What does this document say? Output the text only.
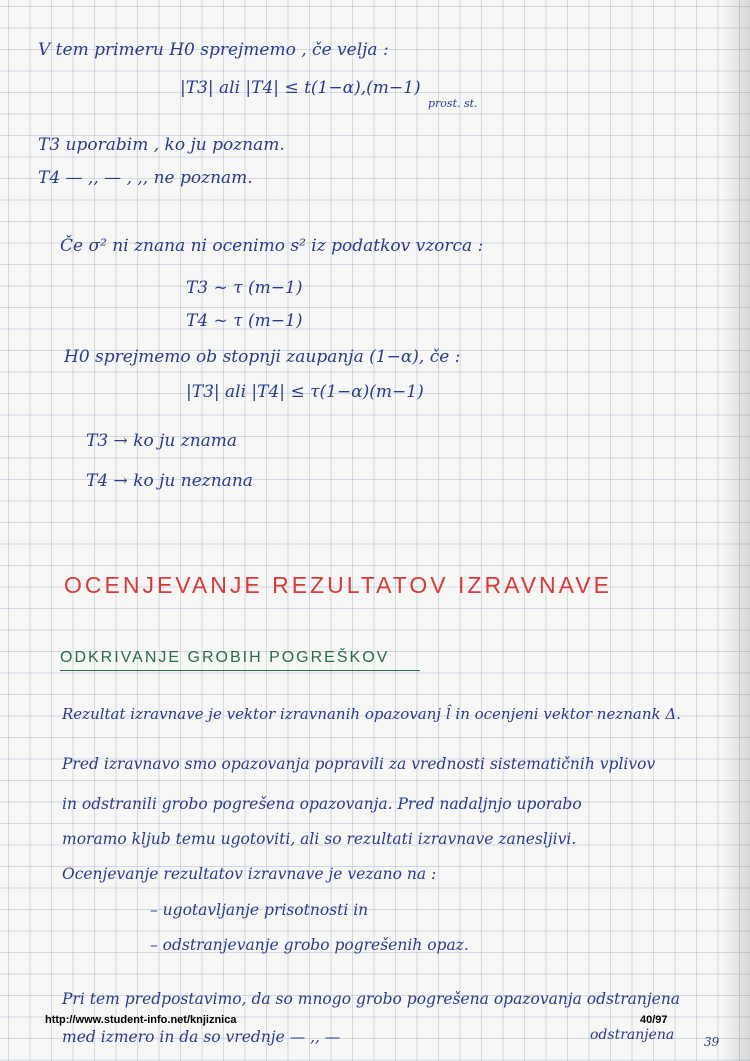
V tem primeru H0 sprejmemo , če velja :
|T3| ali |T4| ≤ t(1−α),(m−1)
prost. st.
T3 uporabim , ko ju poznam.
T4 — ,, — , ,, ne poznam.
Če σ² ni znana ni ocenimo s² iz podatkov vzorca :
T3 ~ τ (m−1)
T4 ~ τ (m−1)
H0 sprejmemo ob stopnji zaupanja (1−α), če :
|T3| ali |T4| ≤ τ(1−α)(m−1)
T3 → ko ju znama
T4 → ko ju neznana
OCENJEVANJE REZULTATOV IZRAVNAVE
ODKRIVANJE GROBIH POGREŠKOV
Rezultat izravnave je vektor izravnanih opazovanj l̂ in ocenjeni vektor neznank Δ.
Pred izravnavo smo opazovanja popravili za vrednosti sistematičnih vplivov
in odstranili grobo pogrešena opazovanja. Pred nadaljnjo uporabo
moramo kljub temu ugotoviti, ali so rezultati izravnave zanesljivi.
Ocenjevanje rezultatov izravnave je vezano na :
– ugotavljanje prisotnosti in
– odstranjevanje grobo pogrešenih opaz.
Pri tem predpostavimo, da so mnogo grobo pogrešena opazovanja odstranjena
med izmero in da so vrednje — ,, —	odstranjena
http://www.student-info.net/knjiznica	40/97
39
